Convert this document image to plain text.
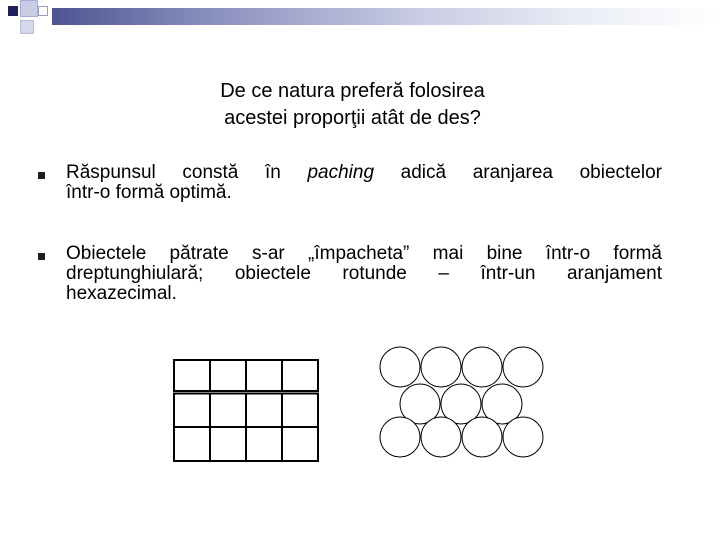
De ce natura preferă folosirea
acestei proporţii atât de des?
Răspunsul constă în paching adică aranjarea obiectelor
într-o formă optimă.
Obiectele pătrate s-ar „împacheta” mai bine într-o formă
dreptunghiulară; obiectele rotunde – într-un aranjament
hexazecimal.
